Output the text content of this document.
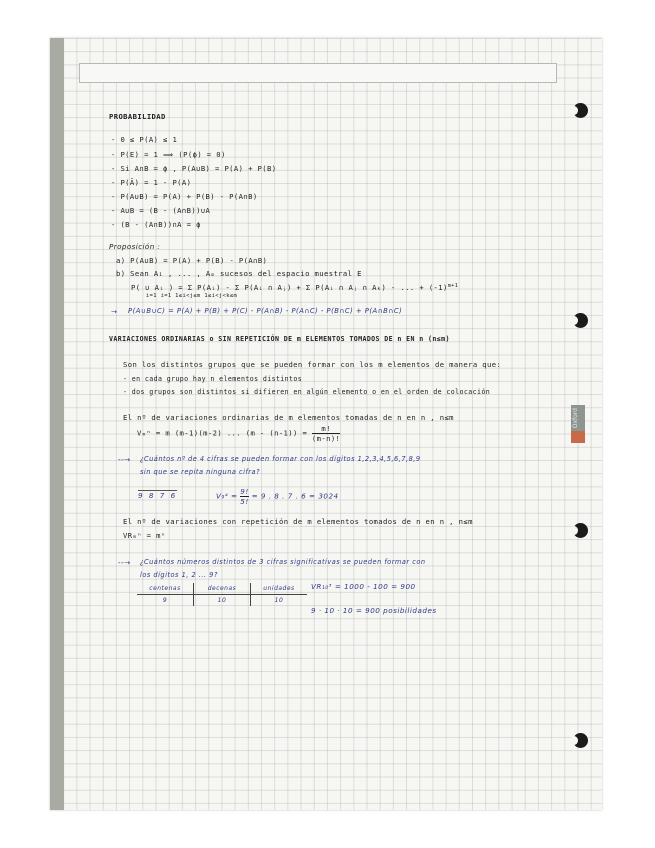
Oxford
PROBABILIDAD
- 0 ≤ P(A) ≤ 1
- P(E) = 1 ⟹ (P(ϕ) = 0)
- Si A∩B = ϕ , P(A∪B) = P(A) + P(B)
- P(Ā) = 1 - P(A)
- P(A∪B) = P(A) + P(B) - P(A∩B)
- A∪B = (B - (A∩B))∪A
- (B - (A∩B))∩A = ϕ
Proposición :
a) P(A∪B) = P(A) + P(B) - P(A∩B)
b) Sean A₁ , ... , Aₘ sucesos del espacio muestral E
P( ∪ Aᵢ ) = Σ P(Aᵢ) - Σ P(Aᵢ ∩ Aⱼ) + Σ P(Aᵢ ∩ Aⱼ ∩ Aₖ) - ... + $(-1)^{m+1}$
i=1 i=1 1≤i<j≤m 1≤i<j<k≤m
→ P(A∪B∪C) = P(A) + P(B) + P(C) - P(A∩B) - P(A∩C) - P(B∩C) + P(A∩B∩C)
VARIACIONES ORDINARIAS o SIN REPETICIÓN DE m ELEMENTOS TOMADOS DE n EN n (n≤m)
Son los distintos grupos que se pueden formar con los m elementos de manera que:
- en cada grupo hay n elementos distintos
- dos grupos son distintos si difieren en algún elemento o en el orden de colocación
El nº de variaciones ordinarias de m elementos tomadas de n en n , n≤m
Vₘⁿ = m (m-1)(m-2) ... $(m - (n-1)) = \frac{m!}{(m-n)!}$
--→ ¿Cuántos nº de 4 cifras se pueden formar con los dígitos 1,2,3,4,5,6,7,8,9
sin que se repita ninguna cifra?
9 8 7 6	$V_9^4 = \frac{9!}{5!} = 9$ . 8 . 7 . 6 = 3024
El nº de variaciones con repetición de m elementos tomados de n en n , n≤m
VRₘⁿ = mⁿ
--→ ¿Cuántos números distintos de 3 cifras significativas se pueden formar con
los dígitos 1, 2 ... 9?
centenas	decenas	unidades
9	10	10
VR₁₀³ = 1000 - 100 = 900
9 · 10 · 10 = 900 posibilidades
